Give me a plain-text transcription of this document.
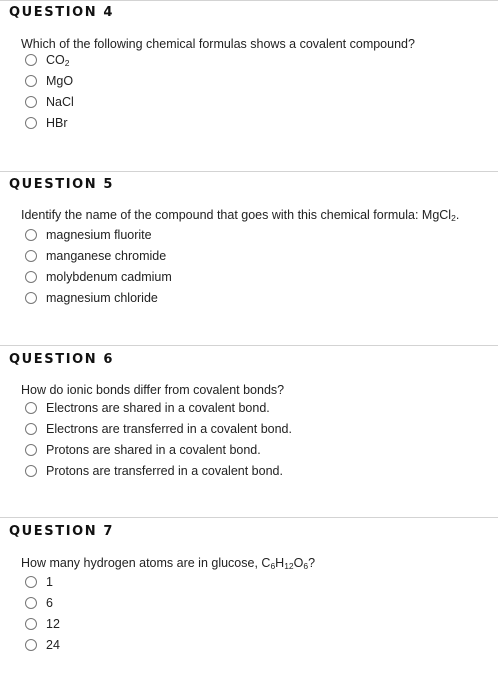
QUESTION 4
Which of the following chemical formulas shows a covalent compound?
$CO_2$
MgO
NaCl
HBr
QUESTION 5
Identify the name of the compound that goes with this chemical formula: MgCl$_2$.
magnesium fluorite
manganese chromide
molybdenum cadmium
magnesium chloride
QUESTION 6
How do ionic bonds differ from covalent bonds?
Electrons are shared in a covalent bond.
Electrons are transferred in a covalent bond.
Protons are shared in a covalent bond.
Protons are transferred in a covalent bond.
QUESTION 7
How many hydrogen atoms are in glucose, $C_6H_{12}O_6$?
1
6
12
24
